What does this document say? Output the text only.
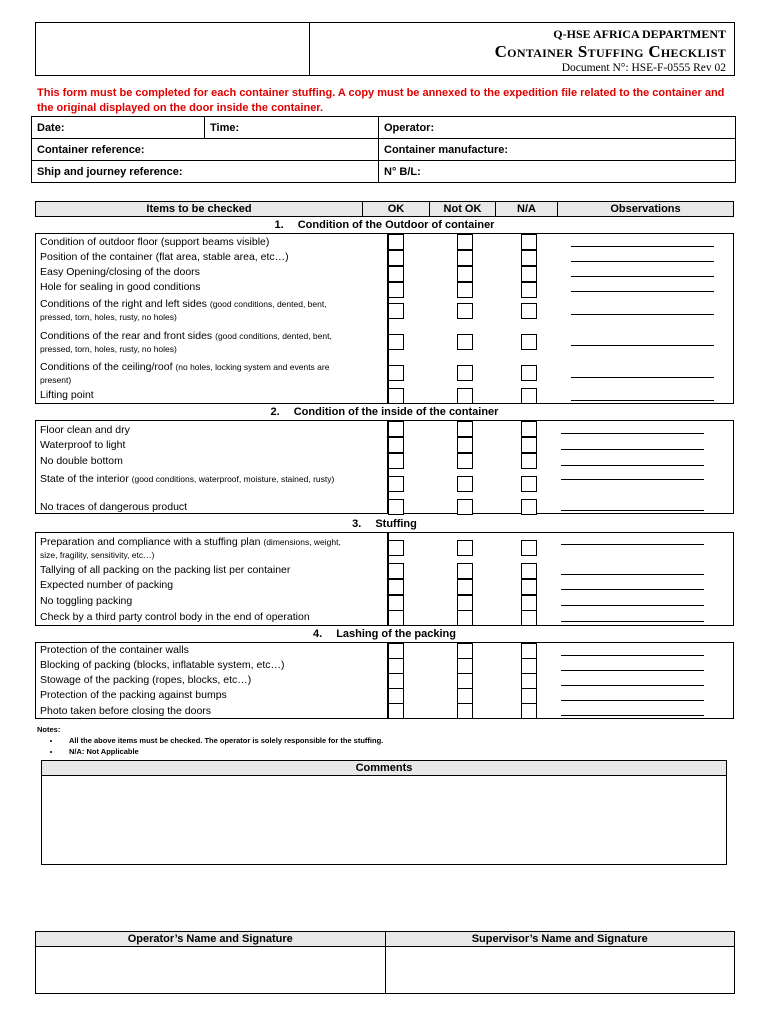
Q-HSE AFRICA DEPARTMENT
Container Stuffing Checklist
Document N°: HSE-F-0555 Rev 02
This form must be completed for each container stuffing. A copy must be annexed to the expedition file related to the container and the original displayed on the door inside the container.
Date:	Time:	Operator:
Container reference:		Container manufacture:
Ship and journey reference:		N° B/L:
Items to be checked	OK	Not OK	N/A	Observations
1. Condition of the Outdoor of container
Condition of outdoor floor (support beams visible)
Position of the container (flat area, stable area, etc…)
Easy Opening/closing of the doors
Hole for sealing in good conditions
Conditions of the right and left sides (good conditions, dented, bent, pressed, torn, holes, rusty, no holes)
Conditions of the rear and front sides (good conditions, dented, bent, pressed, torn, holes, rusty, no holes)
Conditions of the ceiling/roof (no holes, locking system and events are present)
Lifting point
2. Condition of the inside of the container
Floor clean and dry
Waterproof to light
No double bottom
State of the interior (good conditions, waterproof, moisture, stained, rusty)
No traces of dangerous product
3. Stuffing
Preparation and compliance with a stuffing plan (dimensions, weight, size, fragility, sensitivity, etc…)
Tallying of all packing on the packing list per container
Expected number of packing
No toggling packing
Check by a third party control body in the end of operation
4. Lashing of the packing
Protection of the container walls
Blocking of packing (blocks, inflatable system, etc…)
Stowage of the packing (ropes, blocks, etc…)
Protection of the packing against bumps
Photo taken before closing the doors
Notes:
• All the above items must be checked. The operator is solely responsible for the stuffing.
• N/A: Not Applicable
Comments
Operator’s Name and Signature	Supervisor’s Name and Signature
